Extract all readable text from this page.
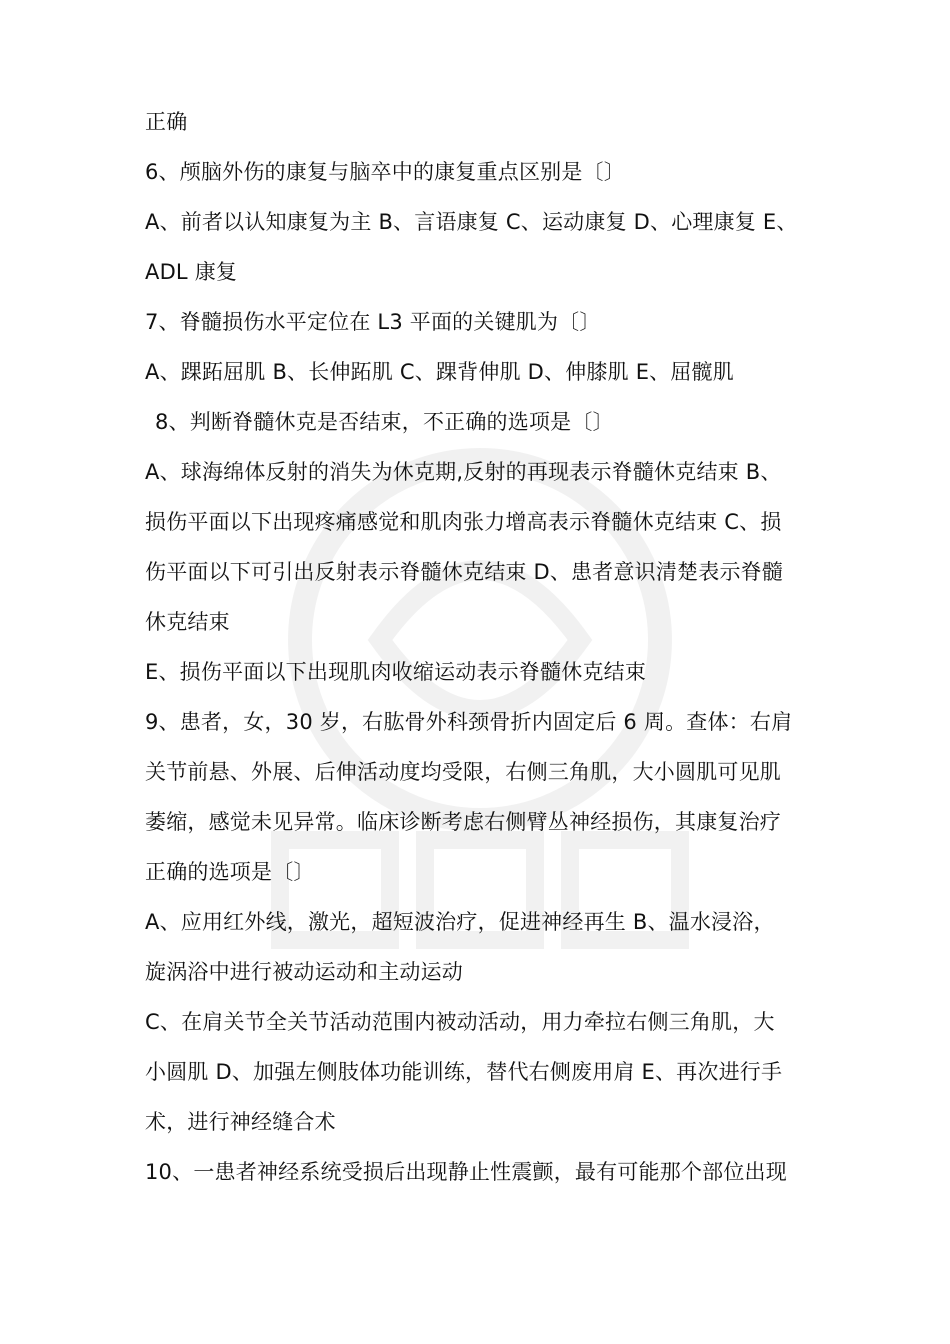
正确
6、颅脑外伤的康复与脑卒中的康复重点区别是〔〕
A、前者以认知康复为主 B、言语康复 C、运动康复 D、心理康复 E、
ADL 康复
7、脊髓损伤水平定位在 L3 平面的关键肌为〔〕
A、踝跖屈肌 B、长伸跖肌 C、踝背伸肌 D、伸膝肌 E、屈髋肌
8、判断脊髓休克是否结束，不正确的选项是〔〕
A、球海绵体反射的消失为休克期,反射的再现表示脊髓休克结束 B、
损伤平面以下出现疼痛感觉和肌肉张力增高表示脊髓休克结束 C、损
伤平面以下可引出反射表示脊髓休克结束 D、患者意识清楚表示脊髓
休克结束
E、损伤平面以下出现肌肉收缩运动表示脊髓休克结束
9、患者，女，30 岁，右肱骨外科颈骨折内固定后 6 周。查体：右肩
关节前悬、外展、后伸活动度均受限，右侧三角肌，大小圆肌可见肌
萎缩，感觉未见异常。临床诊断考虑右侧臂丛神经损伤，其康复治疗
正确的选项是〔〕
A、应用红外线，激光，超短波治疗，促进神经再生 B、温水浸浴，
旋涡浴中进行被动运动和主动运动
C、在肩关节全关节活动范围内被动活动，用力牵拉右侧三角肌，大
小圆肌 D、加强左侧肢体功能训练，替代右侧废用肩 E、再次进行手
术，进行神经缝合术
10、一患者神经系统受损后出现静止性震颤，最有可能那个部位出现
